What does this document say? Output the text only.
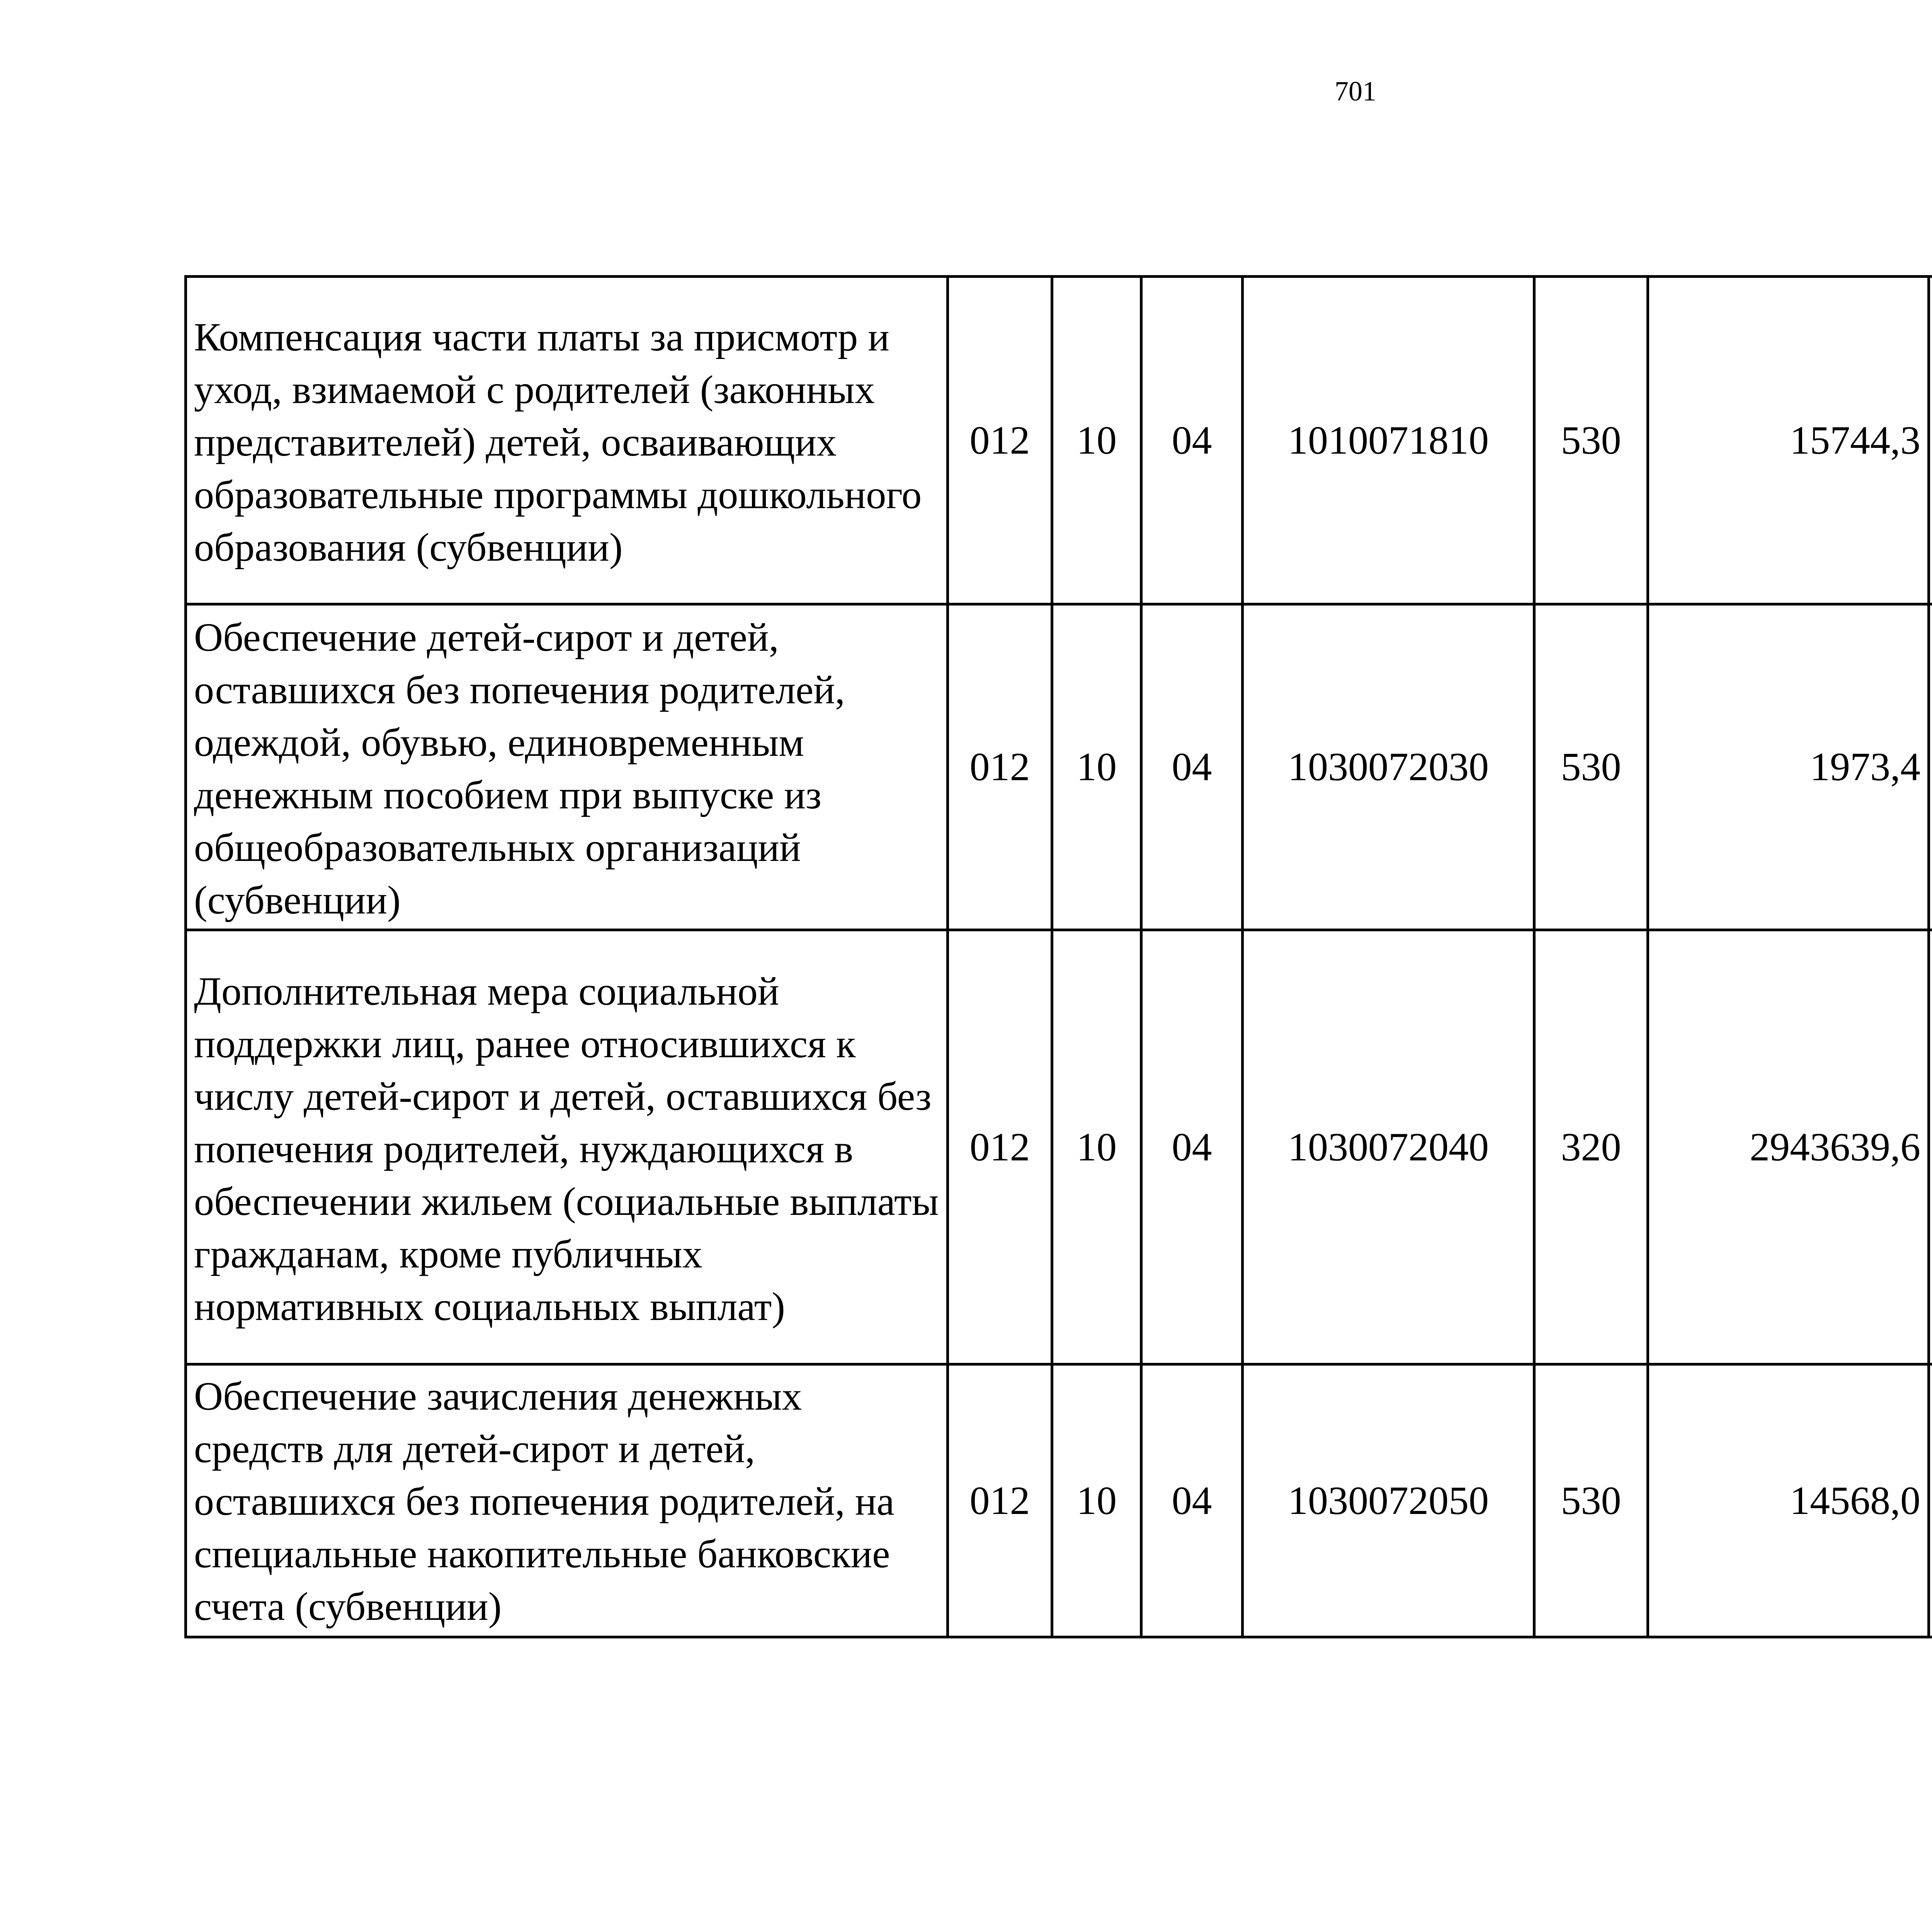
701
Компенсация части платы за присмотр и уход, взимаемой с родителей (законных представителей) детей, осваивающих образовательные программы дошкольного образования (субвенции)	012	10	04	1010071810	530	15744,3		
Обеспечение детей-сирот и детей, оставшихся без попечения родителей, одеждой, обувью, единовременным денежным пособием при выпуске из общеобразовательных организаций (субвенции)	012	10	04	1030072030	530	1973,4		
Дополнительная мера социальной поддержки лиц, ранее относившихся к числу детей-сирот и детей, оставшихся без попечения родителей, нуждающихся в обеспечении жильем (социальные выплаты гражданам, кроме публичных нормативных социальных выплат)	012	10	04	1030072040	320	2943639,6		
Обеспечение зачисления денежных средств для детей-сирот и детей, оставшихся без попечения родителей, на специальные накопительные банковские счета (субвенции)	012	10	04	1030072050	530	14568,0		
